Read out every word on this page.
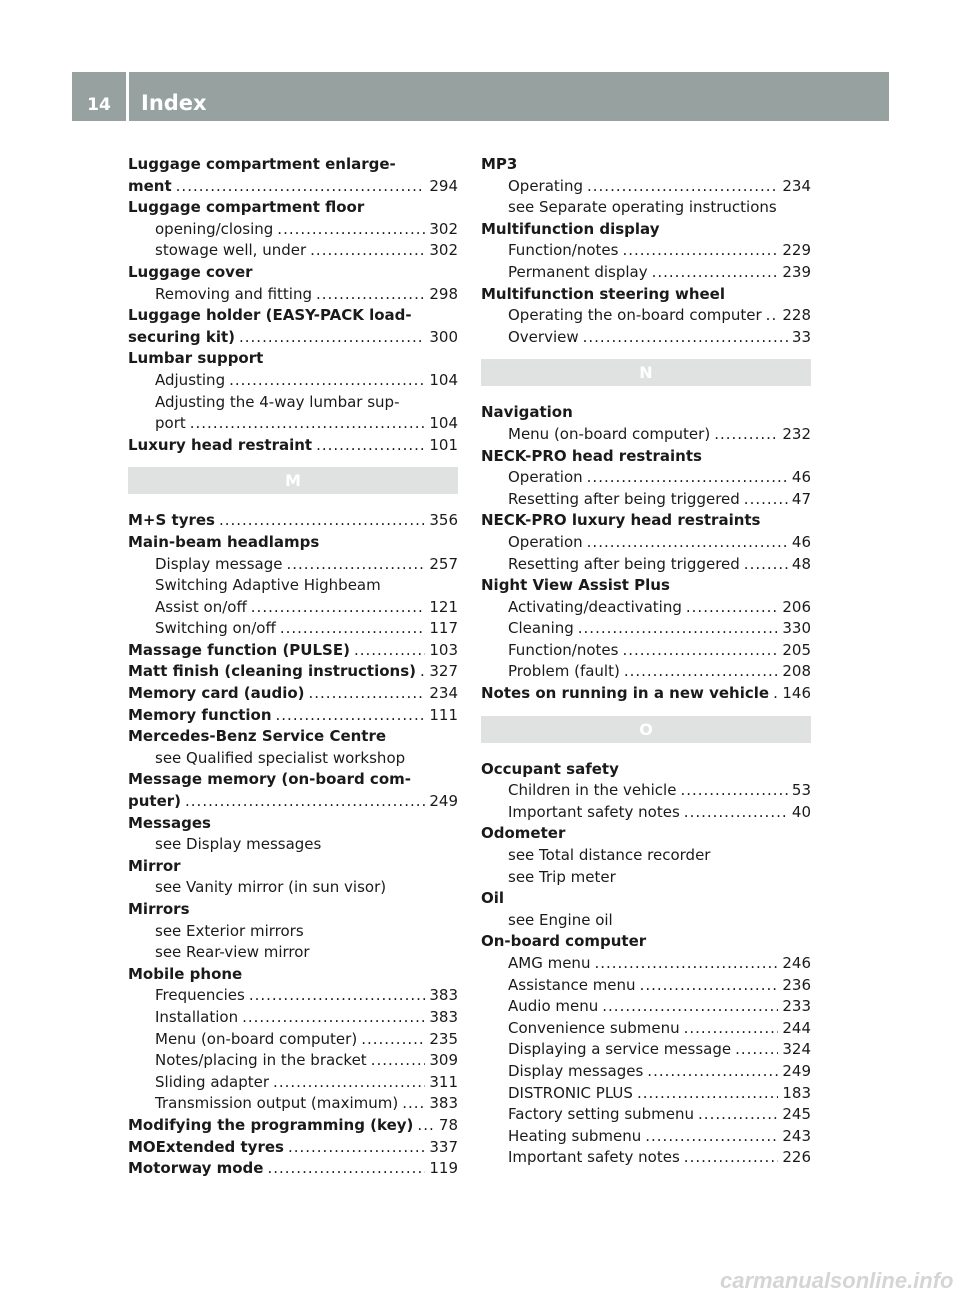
14	Index
Luggage compartment enlarge-
ment .....	294
Luggage compartment floor
opening/closing .....	302
stowage well, under .....	302
Luggage cover
Removing and fitting .....	298
Luggage holder (EASY-PACK load-
securing kit) .....	300
Lumbar support
Adjusting .....	104
Adjusting the 4-way lumbar sup-
port .....	104
Luxury head restraint .....	101
M
M+S tyres .....	356
Main-beam headlamps
Display message .....	257
Switching Adaptive Highbeam
Assist on/off .....	121
Switching on/off .....	117
Massage function (PULSE) .....	103
Matt finish (cleaning instructions) ..... 327
Memory card (audio) .....	234
Memory function .....	111
Mercedes-Benz Service Centre
see Qualified specialist workshop
Message memory (on-board com-
puter) .....	249
Messages
see Display messages
Mirror
see Vanity mirror (in sun visor)
Mirrors
see Exterior mirrors
see Rear-view mirror
Mobile phone
Frequencies .....	383
Installation .....	383
Menu (on-board computer) .....	235
Notes/placing in the bracket .....	309
Sliding adapter .....	311
Transmission output (maximum) ..... 383
Modifying the programming (key) ..... 78
MOExtended tyres .....	337
Motorway mode .....	119
MP3
Operating .....	234
see Separate operating instructions
Multifunction display
Function/notes .....	229
Permanent display .....	239
Multifunction steering wheel
Operating the on-board computer ..... 228
Overview .....	33
N
Navigation
Menu (on-board computer) .....	232
NECK-PRO head restraints
Operation .....	46
Resetting after being triggered .....	47
NECK-PRO luxury head restraints
Operation .....	46
Resetting after being triggered .....	48
Night View Assist Plus
Activating/deactivating .....	206
Cleaning .....	330
Function/notes .....	205
Problem (fault) .....	208
Notes on running in a new vehicle ..... 146
O
Occupant safety
Children in the vehicle .....	53
Important safety notes .....	40
Odometer
see Total distance recorder
see Trip meter
Oil
see Engine oil
On-board computer
AMG menu .....	246
Assistance menu .....	236
Audio menu .....	233
Convenience submenu .....	244
Displaying a service message .....	324
Display messages .....	249
DISTRONIC PLUS .....	183
Factory setting submenu .....	245
Heating submenu .....	243
Important safety notes .....	226
carmanualsonline.info
